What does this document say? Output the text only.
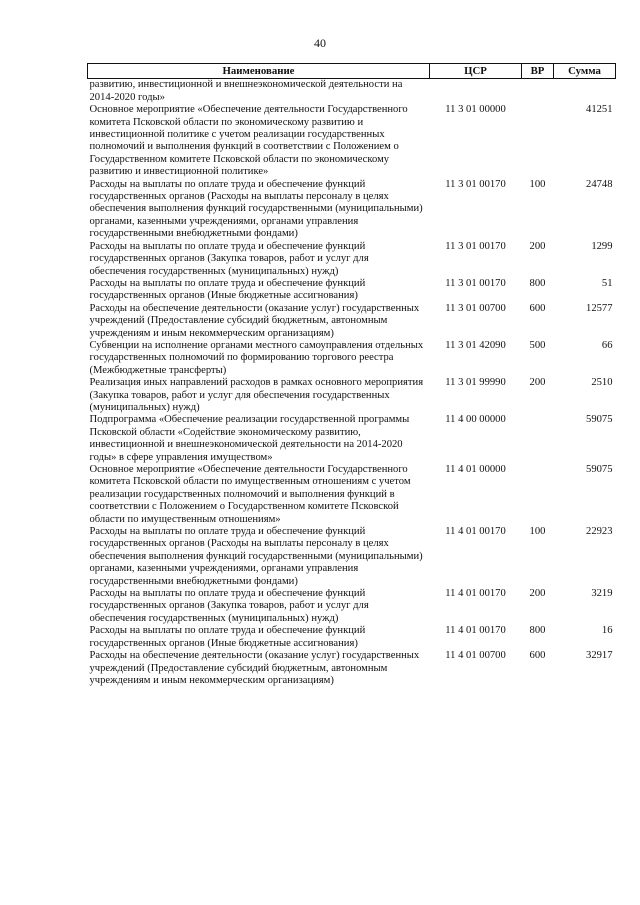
40
Наименование	ЦСР	ВР	Сумма
развитию, инвестиционной и внешнеэкономической деятельности на 2014-2020 годы»			
Основное мероприятие «Обеспечение деятельности Государственного комитета Псковской области по экономическому развитию и инвестиционной политике с учетом реализации государственных полномочий и выполнения функций в соответствии с Положением о Государственном комитете Псковской области по экономическому развитию и инвестиционной политике»	11 3 01 00000		41251
Расходы на выплаты по оплате труда и обеспечение функций государственных органов (Расходы на выплаты персоналу в целях обеспечения выполнения функций государственными (муниципальными) органами, казенными учреждениями, органами управления государственными внебюджетными фондами)	11 3 01 00170	100	24748
Расходы на выплаты по оплате труда и обеспечение функций государственных органов (Закупка товаров, работ и услуг для обеспечения государственных (муниципальных) нужд)	11 3 01 00170	200	1299
Расходы на выплаты по оплате труда и обеспечение функций государственных органов (Иные бюджетные ассигнования)	11 3 01 00170	800	51
Расходы на обеспечение деятельности (оказание услуг) государственных учреждений (Предоставление субсидий бюджетным, автономным учреждениям и иным некоммерческим организациям)	11 3 01 00700	600	12577
Субвенции на исполнение органами местного самоуправления отдельных государственных полномочий по формированию торгового реестра (Межбюджетные трансферты)	11 3 01 42090	500	66
Реализация иных направлений расходов в рамках основного мероприятия (Закупка товаров, работ и услуг для обеспечения государственных (муниципальных) нужд)	11 3 01 99990	200	2510
Подпрограмма «Обеспечение реализации государственной программы Псковской области «Содействие экономическому развитию, инвестиционной и внешнеэкономической деятельности на 2014-2020 годы» в сфере управления имуществом»	11 4 00 00000		59075
Основное мероприятие «Обеспечение деятельности Государственного комитета Псковской области по имущественным отношениям с учетом реализации государственных полномочий и выполнения функций в соответствии с Положением о Государственном комитете Псковской области по имущественным отношениям»	11 4 01 00000		59075
Расходы на выплаты по оплате труда и обеспечение функций государственных органов (Расходы на выплаты персоналу в целях обеспечения выполнения функций государственными (муниципальными) органами, казенными учреждениями, органами управления государственными внебюджетными фондами)	11 4 01 00170	100	22923
Расходы на выплаты по оплате труда и обеспечение функций государственных органов (Закупка товаров, работ и услуг для обеспечения государственных (муниципальных) нужд)	11 4 01 00170	200	3219
Расходы на выплаты по оплате труда и обеспечение функций государственных органов (Иные бюджетные ассигнования)	11 4 01 00170	800	16
Расходы на обеспечение деятельности (оказание услуг) государственных учреждений (Предоставление субсидий бюджетным, автономным учреждениям и иным некоммерческим организациям)	11 4 01 00700	600	32917
